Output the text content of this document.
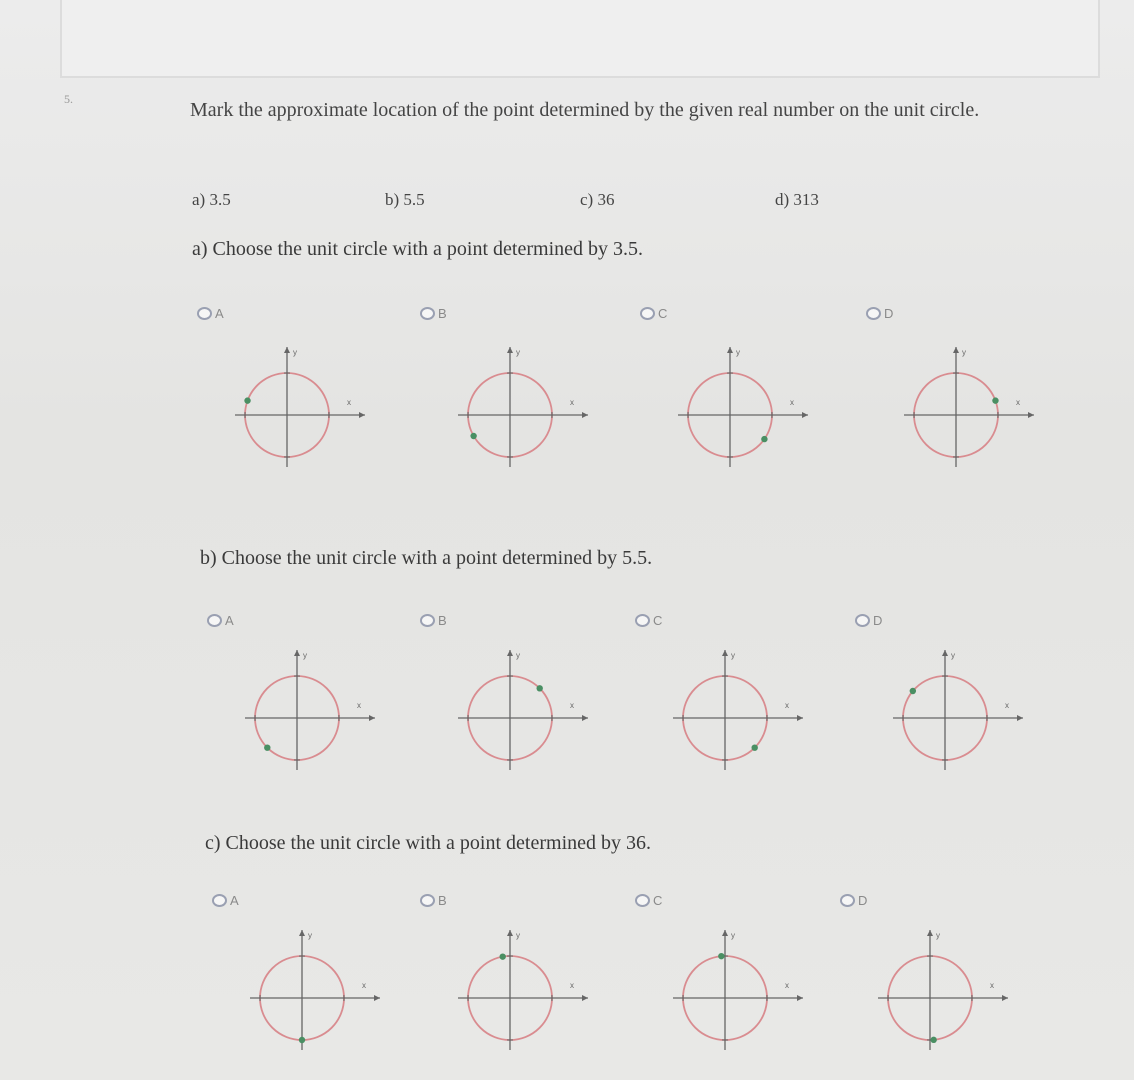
5.	Mark the approximate location of the point determined by the given real number on the unit circle.
a) 3.5	b) 5.5	c) 36	d) 313
a) Choose the unit circle with a point determined by 3.5.
b) Choose the unit circle with a point determined by 5.5.
c) Choose the unit circle with a point determined by 36.
A
x
y
B
x
y
C
x
y
D
x
y
A
x
y
B
x
y
C
x
y
D
x
y
A
x
y
B
x
y
C
x
y
D
x
y
